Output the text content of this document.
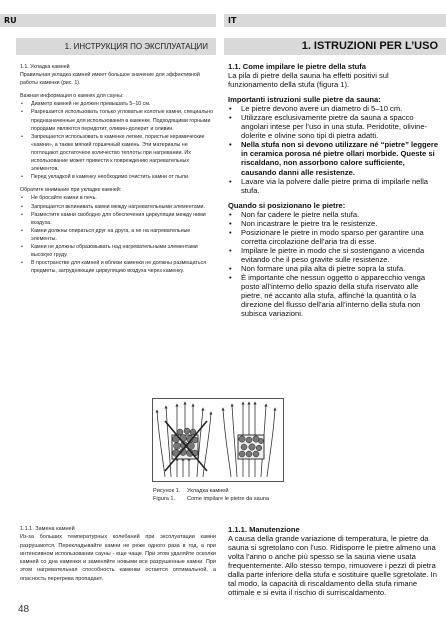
RU	IT
1. ИНСТРУКЦИЯ ПО ЭКСПЛУАТАЦИИ	1. ISTRUZIONI PER L’USO

1.1. Укладка камней

Правильная укладка камней имеет большое значение для эффективной работы каменки (рис. 1).

Важная информация о камнях для сауны:

• Диаметр камней не должен превышать 5–10 см.
• Разрешается использовать только угловатые колотые камни, специально предназначенные для использования в каменке. Подходящими горными породами являются перидотит, оливин-долерит и оливин.
• Запрещается использовать в каменке легкие, пористые керамические «камни», а также мягкий горшечный камень. Эти материалы не поглощают достаточное количество теплоты при нагревании. Их использование может привести к повреждению нагревательных элементов.
• Перед укладкой в каменку необходимо очистить камни от пыли.

Обратите внимание при укладке камней:

• Не бросайте камни в печь.
• Запрещается вклинивать камни между нагревательными элементами.
• Разместите камни свободно для обеспечения циркуляции между ними воздуха.
• Камни должны опираться друг на друга, а не на нагревательные элементы.
• Камни не должны образовывать над нагревательными элементами высокую груду.
• В пространстве для камней и вблизи каменки не должны размещаться предметы, затрудняющие циркуляцию воздуха через каменку.

1.1. Come impilare le pietre della stufa

La pila di pietre della sauna ha effetti positivi sul funzionamento della stufa (figura 1).

Importanti istruzioni sulle pietre da sauna:

• Le pietre devono avere un diametro di 5–10 cm.
• Utilizzare esclusivamente pietre da sauna a spacco angolari intese per l’uso in una stufa. Peridotite, olivine-dolerite e olivine sono tipi di pietra adatti.
• Nella stufa non si devono utilizzare né “pietre” leggere in ceramica porosa né pietre ollari morbide. Queste si riscaldano, non assorbono calore sufficiente, causando danni alle resistenze.
• Lavare via la polvere dalle pietre prima di impilarle nella stufa.

Quando si posizionano le pietre:

• Non far cadere le pietre nella stufa.
• Non incastrare le pietre tra le resistenze.
• Posizionare le pietre in modo sparso per garantire una corretta circolazione dell’aria tra di esse.
• Impilare le pietre in modo che si sostengano a vicenda evitando che il peso gravite sulle resistenze.
• Non formare una pila alta di pietre sopra la stufa.
• È importante che nessun oggetto o apparecchio venga posto all’interno dello spazio della stufa riservato alle pietre, né accanto alla stufa, affinché la quantità o la direzione del flusso dell’aria all’interno della stufa non subisca variazioni.
Рисунок 1. Укладка камней
Figura 1. Come impilare le pietre da sauna

1.1.1. Замена камней

Из-за больших температурных колебаний при эксплуатации камни разрушаются. Перекладывайте камни не реже одного раза в год, а при интенсивном использовании сауны - еще чаще. При этом удаляйте осколки камней со дна каменки и заменяйте новыми все разрушенные камни. При этом нагревательная способность каменки остается оптимальной, а опасность перегрева пропадает.

1.1.1. Manutenzione

A causa della grande variazione di temperatura, le pietre da sauna si sgretolano con l’uso. Ridisporre le pietre almeno una volta l’anno o anche più spesso se la sauna viene usata frequentemente. Allo stesso tempo, rimuovere i pezzi di pietra dalla parte inferiore della stufa e sostituire quelle sgretolate. In tal modo, la capacità di riscaldamento della stufa rimane ottimale e si evita il rischio di surriscaldamento.

48
